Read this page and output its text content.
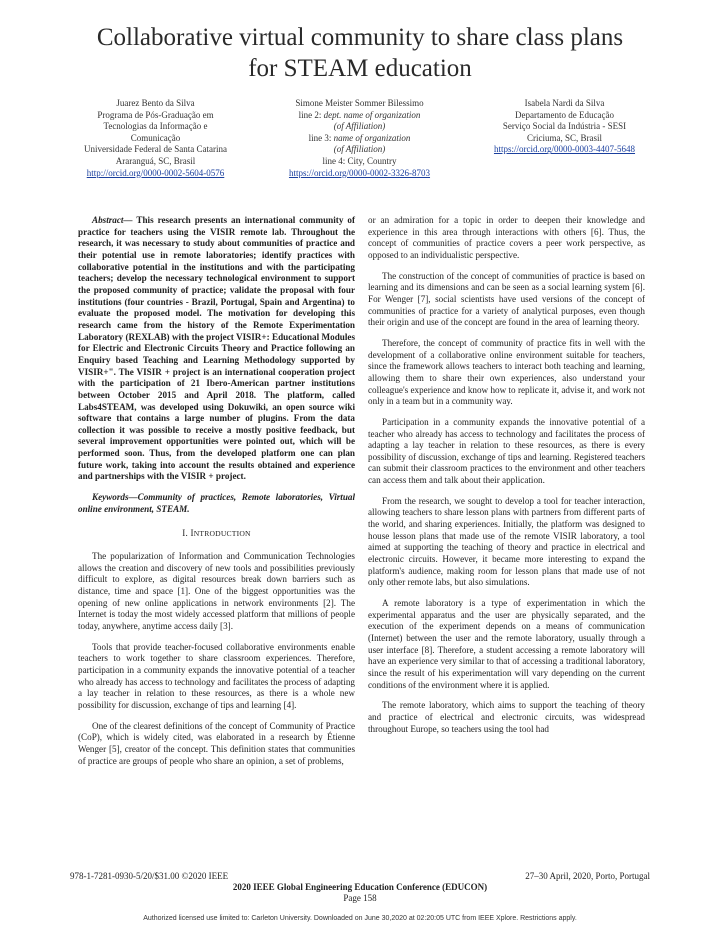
Collaborative virtual community to share class plans
for STEAM education
Juarez Bento da Silva
Programa de Pós-Graduação em
Tecnologias da Informação e
Comunicação
Universidade Federal de Santa Catarina
Araranguá, SC, Brasil
http://orcid.org/0000-0002-5604-0576
Simone Meister Sommer Bilessimo
line 2: dept. name of organization
(of Affiliation)
line 3: name of organization
(of Affiliation)
line 4: City, Country
https://orcid.org/0000-0002-3326-8703
Isabela Nardi da Silva
Departamento de Educação
Serviço Social da Indústria - SESI
Criciuma, SC, Brasil
https://orcid.org/0000-0003-4407-5648

Abstract— This research presents an international community of practice for teachers using the VISIR remote lab. Throughout the research, it was necessary to study about communities of practice and their potential use in remote laboratories; identify practices with collaborative potential in the institutions and with the participating teachers; develop the necessary technological environment to support the proposed community of practice; validate the proposal with four institutions (four countries - Brazil, Portugal, Spain and Argentina) to evaluate the proposed model. The motivation for developing this research came from the history of the Remote Experimentation Laboratory (REXLAB) with the project VISIR+: Educational Modules for Electric and Electronic Circuits Theory and Practice following an Enquiry based Teaching and Learning Methodology supported by VISIR+". The VISIR + project is an international cooperation project with the participation of 21 Ibero-American partner institutions between October 2015 and April 2018. The platform, called Labs4STEAM, was developed using Dokuwiki, an open source wiki software that contains a large number of plugins. From the data collection it was possible to receive a mostly positive feedback, but several improvement opportunities were pointed out, which will be performed soon. Thus, from the developed platform one can plan future work, taking into account the results obtained and experience and partnerships with the VISIR + project.

Keywords—Community of practices, Remote laboratories, Virtual online environment, STEAM.

I. INTRODUCTION

The popularization of Information and Communication Technologies allows the creation and discovery of new tools and possibilities previously difficult to explore, as digital resources break down barriers such as distance, time and space [1]. One of the biggest opportunities was the opening of new online applications in network environments [2]. The Internet is today the most widely accessed platform that millions of people today, anywhere, anytime access daily [3].

Tools that provide teacher-focused collaborative environments enable teachers to work together to share classroom experiences. Therefore, participation in a community expands the innovative potential of a teacher who already has access to technology and facilitates the process of adapting a lay teacher in relation to these resources, as there is a whole new possibility for discussion, exchange of tips and learning [4].

One of the clearest definitions of the concept of Community of Practice (CoP), which is widely cited, was elaborated in a research by Étienne Wenger [5], creator of the concept. This definition states that communities of practice are groups of people who share an opinion, a set of problems,

or an admiration for a topic in order to deepen their knowledge and experience in this area through interactions with others [6]. Thus, the concept of communities of practice covers a peer work perspective, as opposed to an individualistic perspective.

The construction of the concept of communities of practice is based on learning and its dimensions and can be seen as a social learning system [6]. For Wenger [7], social scientists have used versions of the concept of communities of practice for a variety of analytical purposes, even though their origin and use of the concept are found in the area of learning theory.

Therefore, the concept of community of practice fits in well with the development of a collaborative online environment suitable for teachers, since the framework allows teachers to interact both teaching and learning, allowing them to share their own experiences, also understand your colleague's experience and know how to replicate it, advise it, and work not only in a team but in a community way.

Participation in a community expands the innovative potential of a teacher who already has access to technology and facilitates the process of adapting a lay teacher in relation to these resources, as there is every possibility of discussion, exchange of tips and learning. Registered teachers can submit their classroom practices to the environment and other teachers can access them and talk about their application.

From the research, we sought to develop a tool for teacher interaction, allowing teachers to share lesson plans with partners from different parts of the world, and sharing experiences. Initially, the platform was designed to house lesson plans that made use of the remote VISIR laboratory, a tool aimed at supporting the teaching of theory and practice in electrical and electronic circuits. However, it became more interesting to expand the platform's audience, making room for lesson plans that made use of not only other remote labs, but also simulations.

A remote laboratory is a type of experimentation in which the experimental apparatus and the user are physically separated, and the execution of the experiment depends on a means of communication (Internet) between the user and the remote laboratory, usually through a user interface [8]. Therefore, a student accessing a remote laboratory will have an experience very similar to that of accessing a traditional laboratory, since the result of his experimentation will vary depending on the current conditions of the environment where it is applied.

The remote laboratory, which aims to support the teaching of theory and practice of electrical and electronic circuits, was widespread throughout Europe, so teachers using the tool had

978-1-7281-0930-5/20/$31.00 ©2020 IEEE	27–30 April, 2020, Porto, Portugal
2020 IEEE Global Engineering Education Conference (EDUCON)
Page 158
Authorized licensed use limited to: Carleton University. Downloaded on June 30,2020 at 02:20:05 UTC from IEEE Xplore. Restrictions apply.
